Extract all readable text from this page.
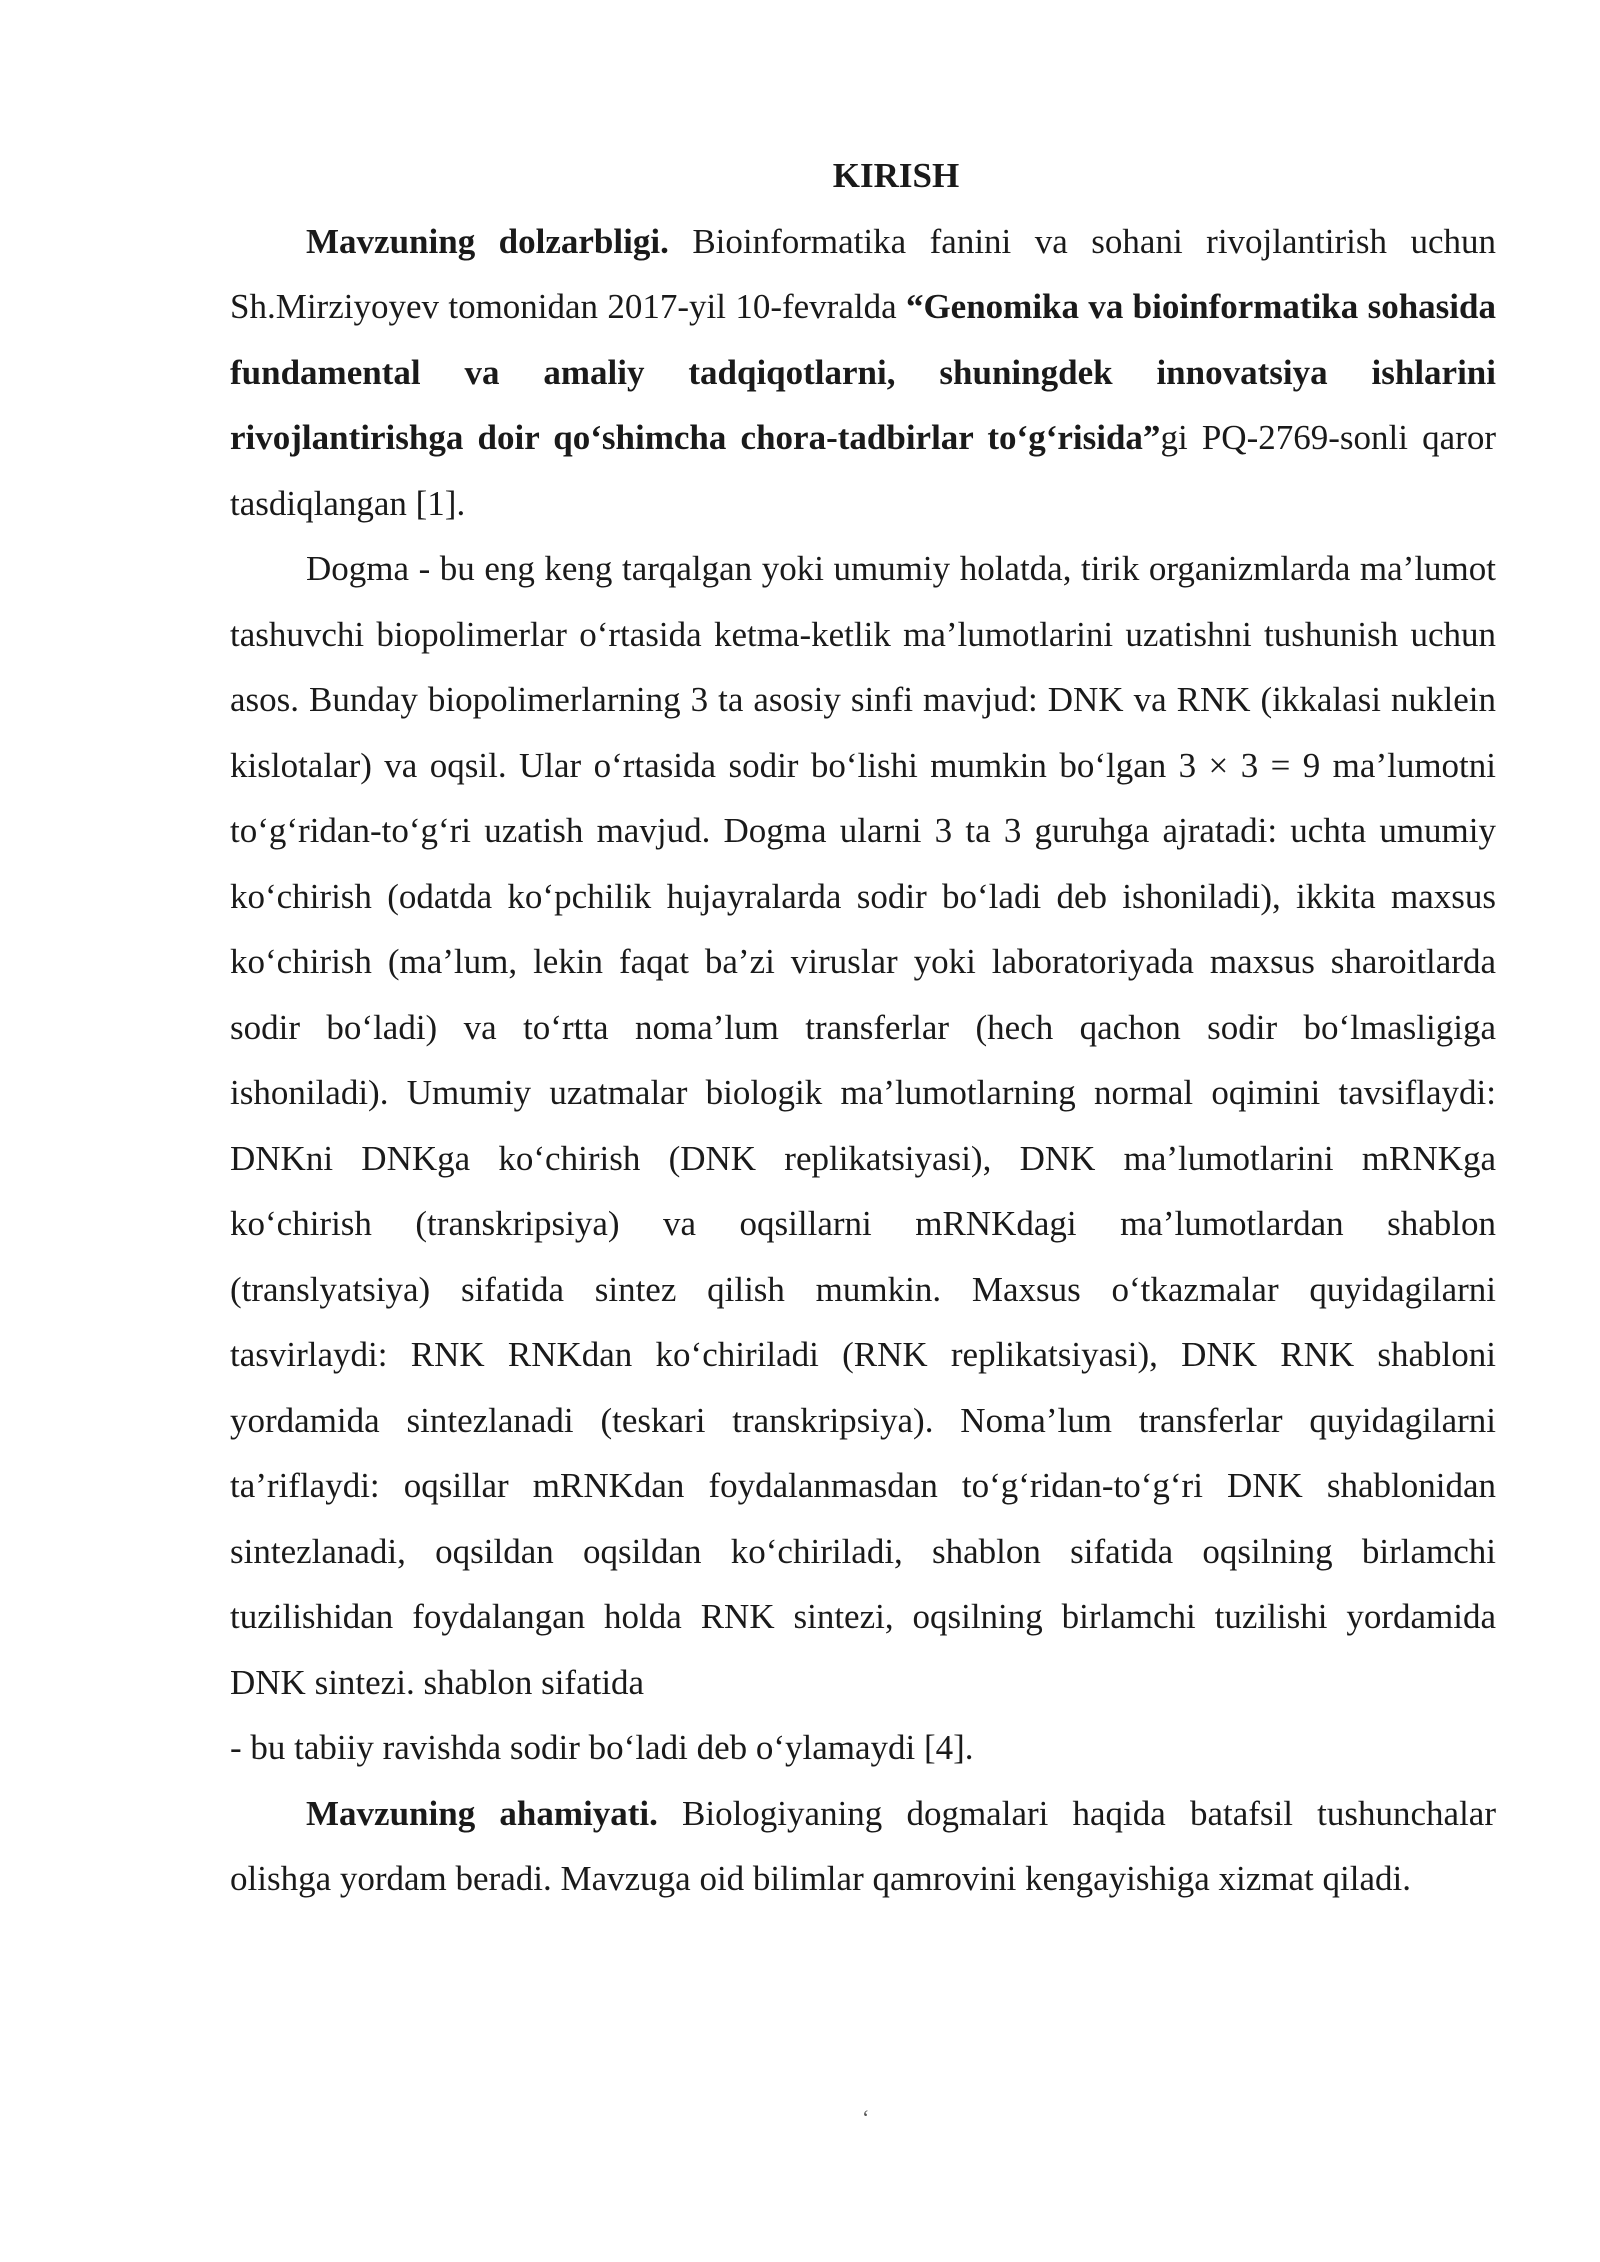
KIRISH

Mavzuning dolzarbligi. Bioinformatika fanini va sohani rivojlantirish uchun Sh.Mirziyoyev tomonidan 2017-yil 10-fevralda “Genomika va bioinformatika sohasida fundamental va amaliy tadqiqotlarni, shuningdek innovatsiya ishlarini rivojlantirishga doir qo‘shimcha chora-tadbirlar to‘g‘risida”gi PQ-2769-sonli qaror tasdiqlangan [1].

Dogma - bu eng keng tarqalgan yoki umumiy holatda, tirik organizmlarda ma’lumot tashuvchi biopolimerlar o‘rtasida ketma-ketlik ma’lumotlarini uzatishni tushunish uchun asos. Bunday biopolimerlarning 3 ta asosiy sinfi mavjud: DNK va RNK (ikkalasi nuklein kislotalar) va oqsil. Ular o‘rtasida sodir bo‘lishi mumkin bo‘lgan 3 × 3 = 9 ma’lumotni to‘g‘ridan-to‘g‘ri uzatish mavjud. Dogma ularni 3 ta 3 guruhga ajratadi: uchta umumiy ko‘chirish (odatda ko‘pchilik hujayralarda sodir bo‘ladi deb ishoniladi), ikkita maxsus ko‘chirish (ma’lum, lekin faqat ba’zi viruslar yoki laboratoriyada maxsus sharoitlarda sodir bo‘ladi) va to‘rtta noma’lum transferlar (hech qachon sodir bo‘lmasligiga ishoniladi). Umumiy uzatmalar biologik ma’lumotlarning normal oqimini tavsiflaydi: DNKni DNKga ko‘chirish (DNK replikatsiyasi), DNK ma’lumotlarini mRNKga ko‘chirish (transkripsiya) va oqsillarni mRNKdagi ma’lumotlardan shablon (translyatsiya) sifatida sintez qilish mumkin. Maxsus o‘tkazmalar quyidagilarni tasvirlaydi: RNK RNKdan ko‘chiriladi (RNK replikatsiyasi), DNK RNK shabloni yordamida sintezlanadi (teskari transkripsiya). Noma’lum transferlar quyidagilarni ta’riflaydi: oqsillar mRNKdan foydalanmasdan to‘g‘ridan-to‘g‘ri DNK shablonidan sintezlanadi, oqsildan oqsildan ko‘chiriladi, shablon sifatida oqsilning birlamchi tuzilishidan foydalangan holda RNK sintezi, oqsilning birlamchi tuzilishi yordamida DNK sintezi. shablon sifatida

- bu tabiiy ravishda sodir bo‘ladi deb o‘ylamaydi [4].

Mavzuning ahamiyati. Biologiyaning dogmalari haqida batafsil tushunchalar olishga yordam beradi. Mavzuga oid bilimlar qamrovini kengayishiga xizmat qiladi.

‘
